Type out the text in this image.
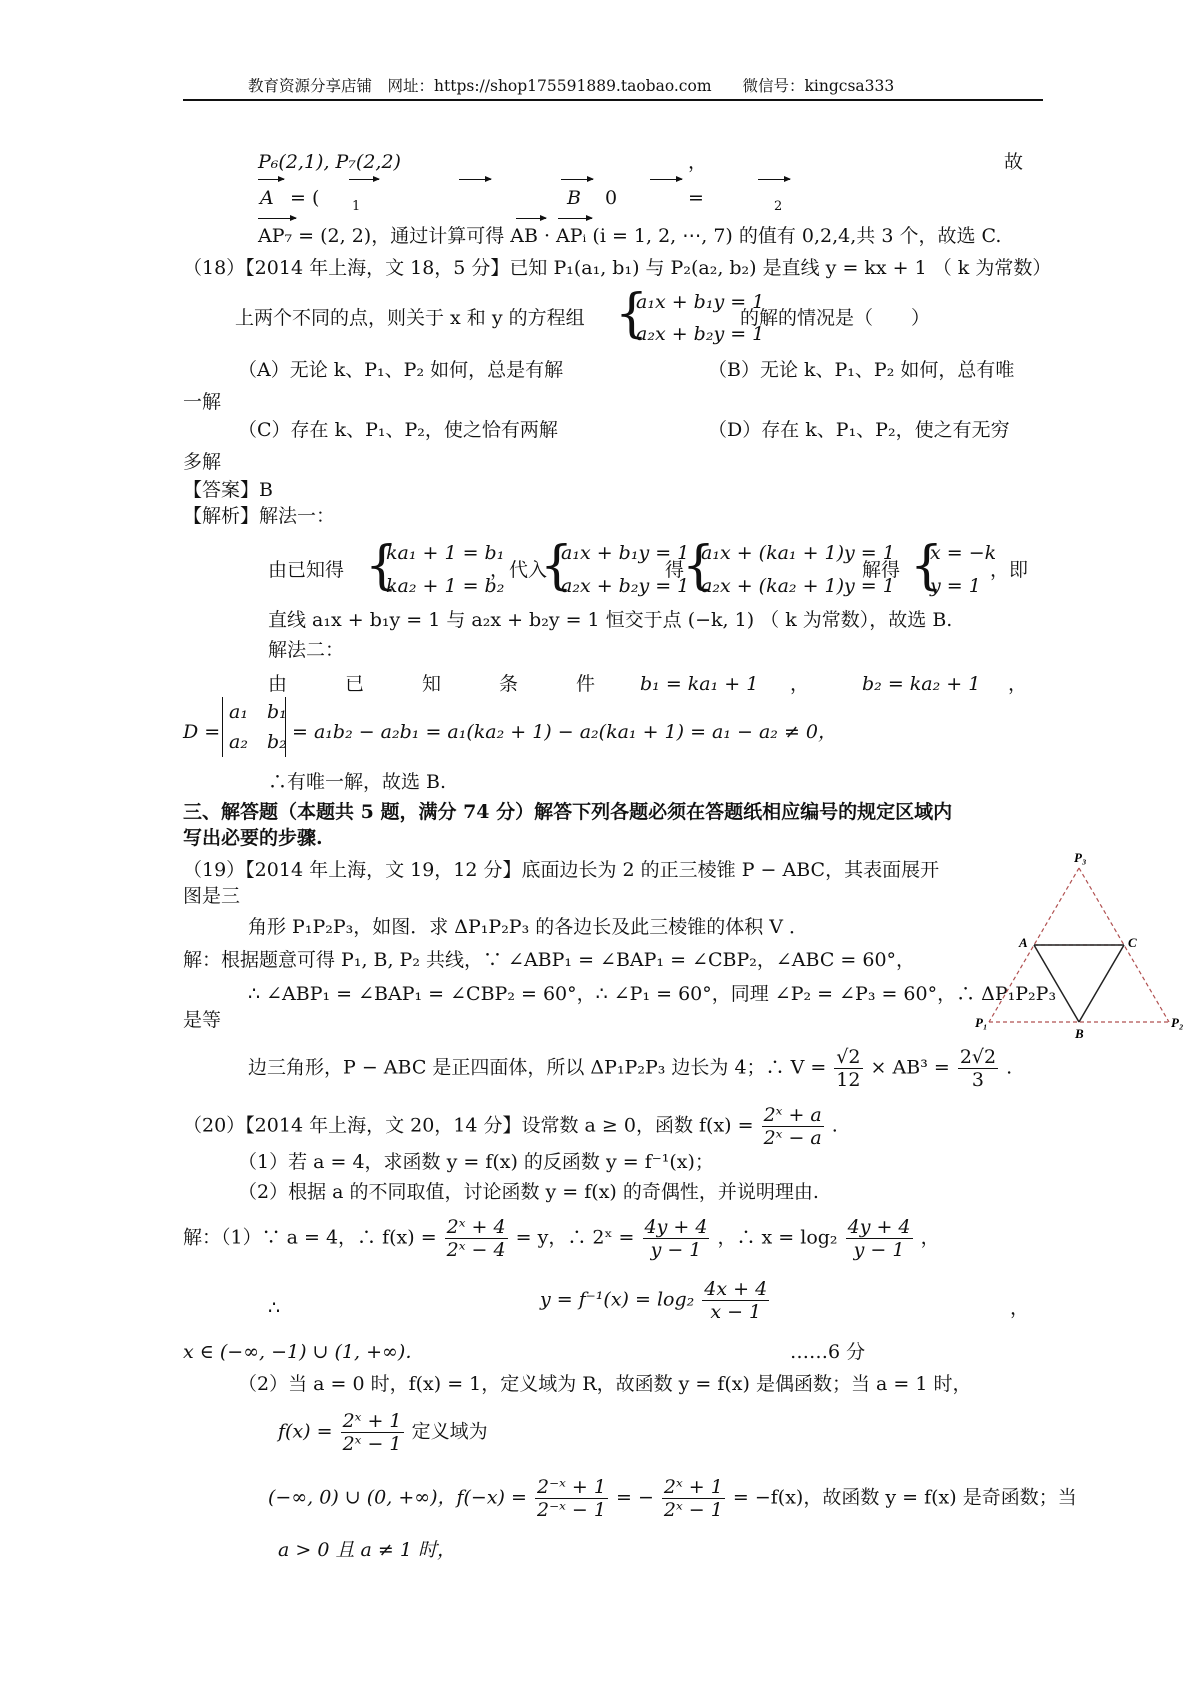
教育资源分享店铺　网址：https://shop175591889.taobao.com　　微信号：kingcsa333
P₆(2,1), P₇(2,2)	，	故
A = (	1	B 0	=	2
AP₇ = (2, 2)，通过计算可得 AB · APᵢ (i = 1, 2, ⋯, 7) 的值有 0,2,4,共 3 个，故选 C.
（18）【2014 年上海，文 18，5 分】已知 P₁(a₁, b₁) 与 P₂(a₂, b₂) 是直线 y = kx + 1 （ k 为常数）
上两个不同的点，则关于 x 和 y 的方程组 {
a₁x + b₁y = 1
a₂x + b₂y = 1
的解的情况是（　　）
（A）无论 k、P₁、P₂ 如何，总是有解	（B）无论 k、P₁、P₂ 如何，总有唯
一解
（C）存在 k、P₁、P₂，使之恰有两解	（D）存在 k、P₁、P₂，使之有无穷
多解
【答案】B
【解析】解法一：
由已知得 {
ka₁ + 1 = b₁
ka₂ + 1 = b₂
，代入
{
a₁x + b₁y = 1
a₂x + b₂y = 1
得
{
a₁x + (ka₁ + 1)y = 1
a₂x + (ka₂ + 1)y = 1
解得 {
x = −k
y = 1
，即
直线 a₁x + b₁y = 1 与 a₂x + b₂y = 1 恒交于点 (−k, 1) （ k 为常数），故选 B.
解法二：
由	已	知	条	件 b₁ = ka₁ + 1 ，	b₂ = ka₂ + 1 ，
D =
a₁　b₁
a₂　b₂ = a₁b₂ − a₂b₁ = a₁(ka₂ + 1) − a₂(ka₁ + 1) = a₁ − a₂ ≠ 0，
∴有唯一解，故选 B.
三、解答题（本题共 5 题，满分 74 分）解答下列各题必须在答题纸相应编号的规定区域内
写出必要的步骤.
（19）【2014 年上海，文 19，12 分】底面边长为 2 的正三棱锥 P − ABC，其表面展开
图是三
角形 P₁P₂P₃，如图．求 ΔP₁P₂P₃ 的各边长及此三棱锥的体积 V ．
解：根据题意可得 P₁, B, P₂ 共线，∵ ∠ABP₁ = ∠BAP₁ = ∠CBP₂，∠ABC = 60°，
∴ ∠ABP₁ = ∠BAP₁ = ∠CBP₂ = 60°，∴ ∠P₁ = 60°，同理 ∠P₂ = ∠P₃ = 60°，∴ ΔP₁P₂P₃
是等
边三角形，P − ABC 是正四面体，所以 ΔP₁P₂P₃ 边长为 4；∴ $V = \frac{√2}{12} \times AB^3 = \frac{2√2}{3}$ .
P₃
A	C
P₁
B
P₂
（20）【2014 年上海，文 20，14 分】设常数 a ≥ 0，函数 $f(x) = \frac{\text{2ˣ + a}}{\text{2ˣ − a}}$ .
（1）若 a = 4，求函数 y = f(x) 的反函数 y = f⁻¹(x)；
（2）根据 a 的不同取值，讨论函数 y = f(x) 的奇偶性，并说明理由.
解：（1）∵ a = 4，∴ $f(x) = \frac{\text{2ˣ + 4}}{\text{2ˣ − 4}} = y$，∴ 2ˣ = $\frac{4y + 4}{y - 1}$ ，∴ $x = \log_2 \frac{4y + 4}{y - 1}$ ，
∴	$y = f^{-1}(x) = \log_2 \frac{4x + 4}{x - 1}$	，
x ∈ (−∞, −1) ∪ (1, +∞)．	……6 分
（2）当 a = 0 时，f(x) = 1，定义域为 R，故函数 y = f(x) 是偶函数；当 a = 1 时，
$f(x) = \frac{\text{2ˣ + 1}}{\text{2ˣ − 1}}$ 定义域为
(−∞, 0) ∪ (0, +∞)，$f(-x) = \frac{\text{2⁻ˣ + 1}}{\text{2⁻ˣ − 1}}$ = − $\frac{\text{2ˣ + 1}}{\text{2ˣ − 1}} = -f(x)$，故函数 y = f(x) 是奇函数；当
a > 0 且 a ≠ 1 时，
